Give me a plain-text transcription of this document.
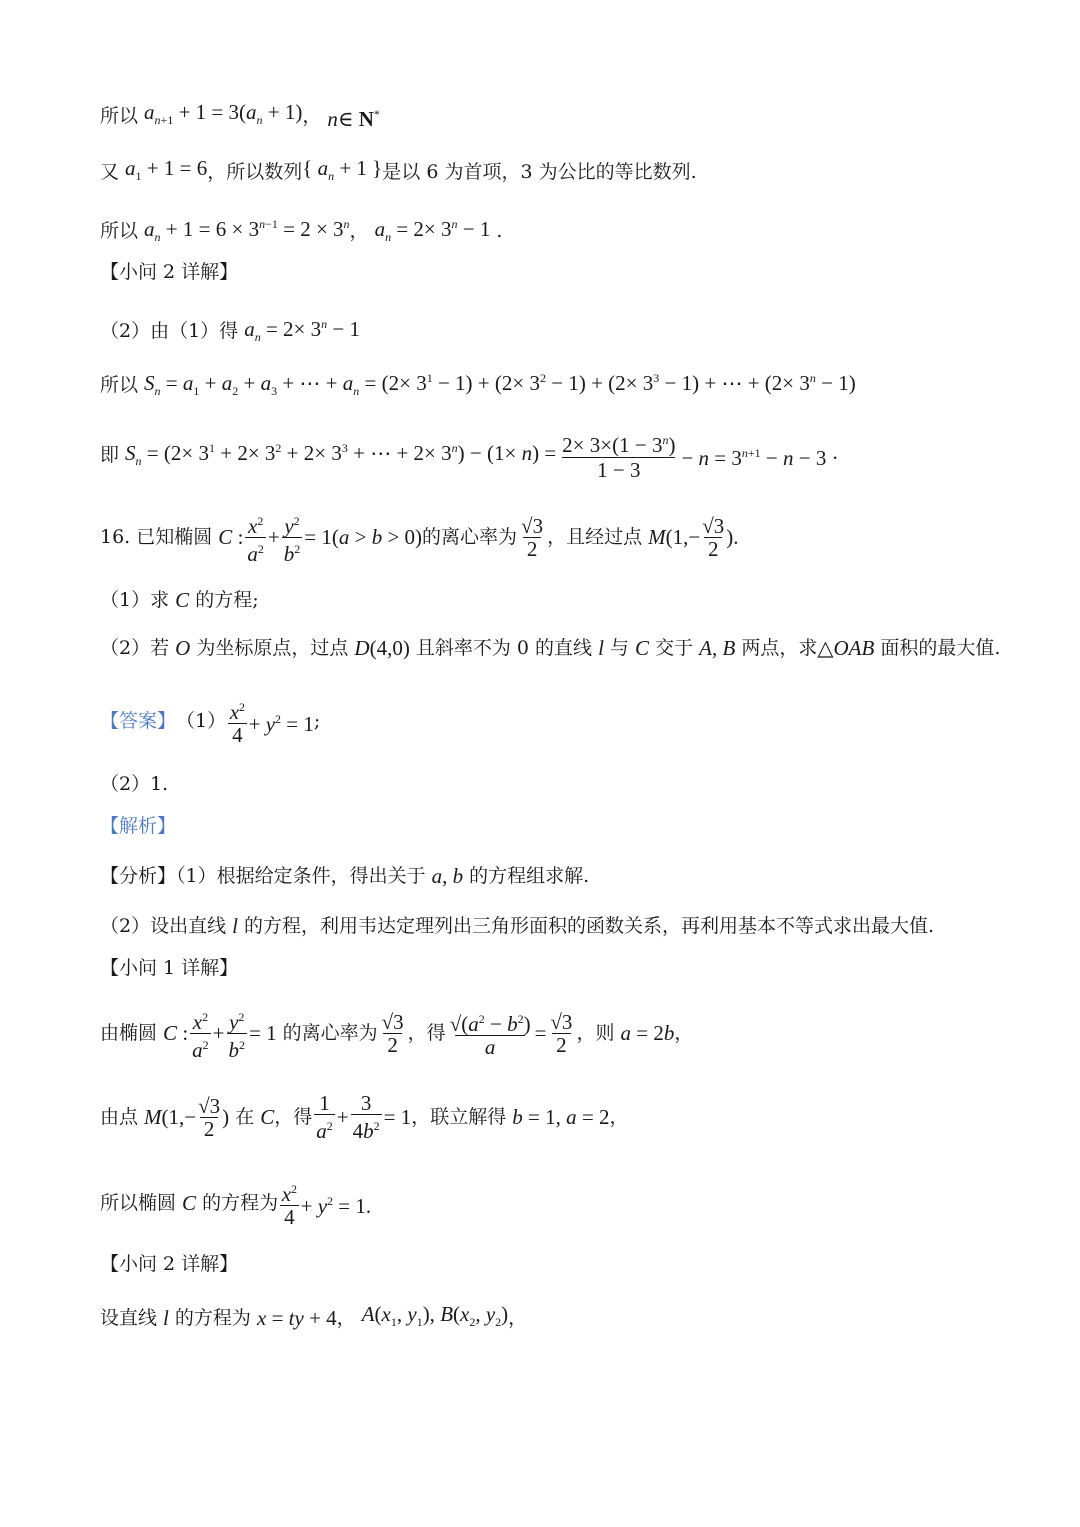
所以 $a_{n+1} + 1 = 3(a_n + 1)$ ， n∈ N*
又 $a_1 + 1 = 6$ ，所以数列 { $a_n + 1$ } 是以 6 为首项，3 为公比的等比数列.
所以 $a_n + 1 = 6 \times 3^{n-1} = 2 \times 3^n$ ， $a_n = 2\times 3^n - 1$ .
【小问 2 详解】
（2）由（1）得 $a_n = 2\times 3^n - 1$
所以 $S_n = a_1 + a_2 + a_3$ + ⋯ + $a_n = (2\times 3^1 - 1) + (2\times 3^2 - 1) + (2\times 3^3 - 1)$ + ⋯ + $(2\times 3^n - 1)$
即 $S_n = (2\times 3^1 + 2\times 3^2 + 2\times 3^3$ + ⋯ + $2\times 3^n) - (1\times n) = \frac{2\times 3\times(1 - 3^n)}{1 - 3} - n = 3^{n+1} - n - 3$ ·
16. 已知椭圆 C : $x^2$
$a^2 + \frac{y^2}{b^2} = 1(a > b > 0)$ 的离心率为 √3
2 ，且经过点 $M(1,- \frac{√3}{2}$ ).
（1）求 C 的方程;
（2）若 O 为坐标原点，过点 D(4,0) 且斜率不为 0 的直线 l 与 C 交于 A, B 两点，求 △OAB 面积的最大值.
【答案】 （1） $x^2$
$4 + y^2 = 1$ ;
（2）1.
【解析】
【分析】（1）根据给定条件，得出关于 a, b 的方程组求解.
（2）设出直线 l 的方程，利用韦达定理列出三角形面积的函数关系，再利用基本不等式求出最大值.
【小问 1 详解】
由椭圆 C : $x^2$
$a^2 + \frac{y^2}{b^2} = 1$ 的离心率为 √3
2 ，得 $\frac{√(a^2 - b^2)}{a} = \frac{√3}{2}$ ，则 a = 2b ，
由点 $M(1,- \frac{√3}{2}$ ) 在 C ，得
1
$a^2 + \frac{3}{4b^2} = 1$ ，联立解得 b = 1, a = 2 ，
所以椭圆 C 的方程为 $x^2$
$4 + y^2 = 1$.
【小问 2 详解】
设直线 l 的方程为 x = ty + 4 ， $A(x_1$, $y_1$), $B(x_2$, $y_2$) ，
